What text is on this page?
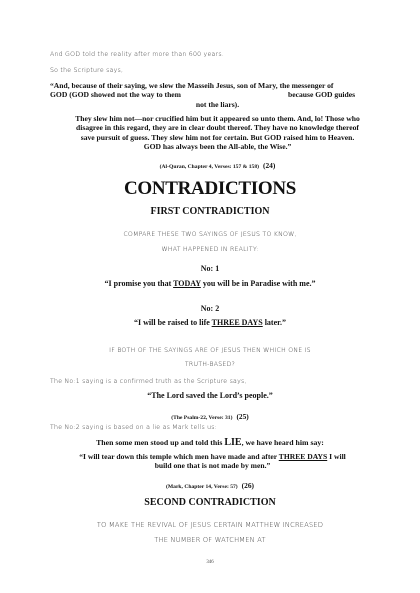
And GOD told the reality after more than 600 years.
So the Scripture says,
“And, because of their saying, we slew the Masseih Jesus, son of Mary, the messenger of
GOD (GOD showed not the way to them	because GOD guides
not the liars).
They slew him not—nor crucified him but it appeared so unto them. And, lo! Those who
disagree in this regard, they are in clear doubt thereof. They have no knowledge thereof
save pursuit of guess. They slew him not for certain. But GOD raised him to Heaven.
GOD has always been the All-able, the Wise.”
(Al-Quran, Chapter 4, Verses: 157 & 158) (24)
CONTRADICTIONS
FIRST CONTRADICTION
COMPARE THESE TWO SAYINGS OF JESUS TO KNOW,
WHAT HAPPENED IN REALITY:
No: 1
“I promise you that TODAY you will be in Paradise with me.”
No: 2
“I will be raised to life THREE DAYS later.”
IF BOTH OF THE SAYINGS ARE OF JESUS THEN WHICH ONE IS
TRUTH-BASED?
The No:1 saying is a confirmed truth as the Scripture says,
“The Lord saved the Lord’s people.”
(The Psalm-22, Verse: 31) (25)
The No:2 saying is based on a lie as Mark tells us:
Then some men stood up and told this LIE, we have heard him say:
“I will tear down this temple which men have made and after THREE DAYS I will
build one that is not made by men.”
(Mark, Chapter 14, Verse: 57) (26)
SECOND CONTRADICTION
TO MAKE THE REVIVAL OF JESUS CERTAIN MATTHEW INCREASED
THE NUMBER OF WATCHMEN AT
346
